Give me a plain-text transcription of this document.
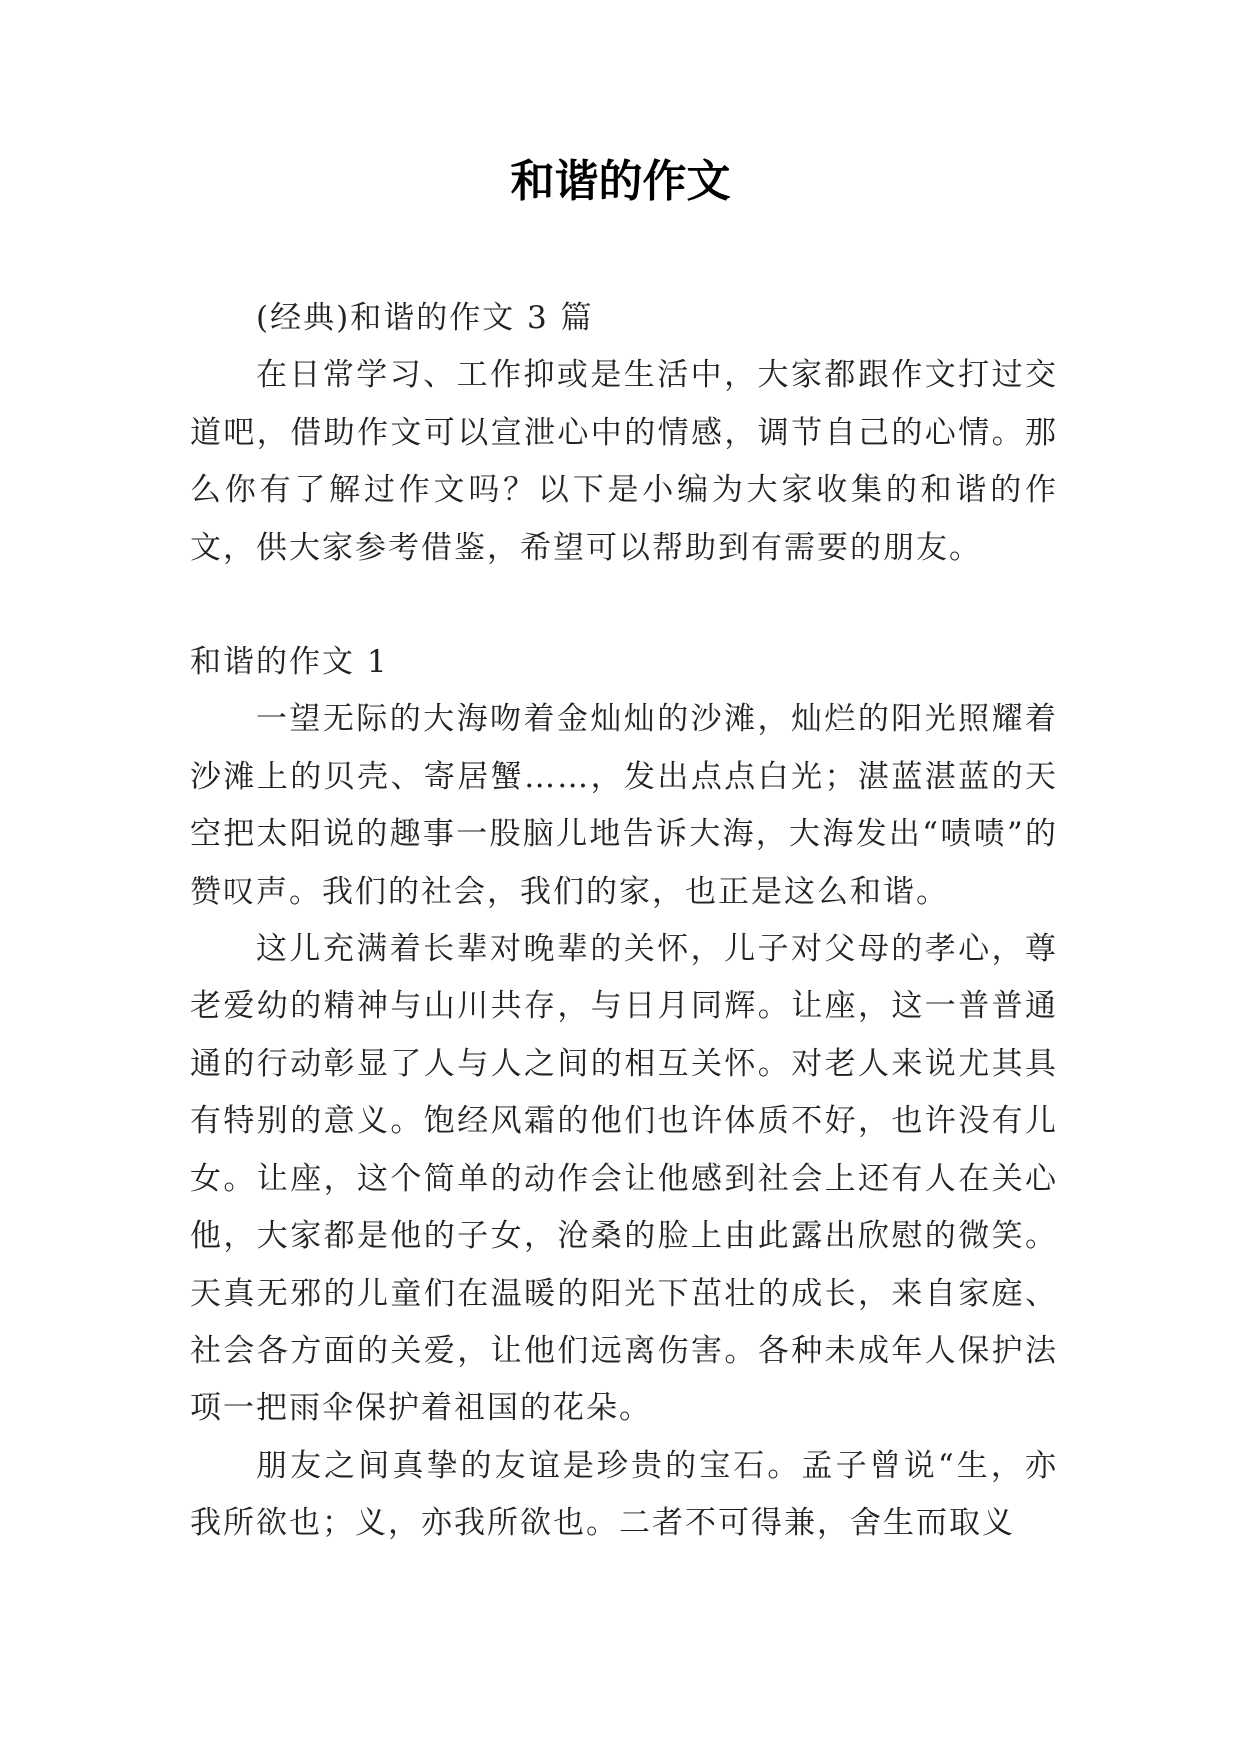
和谐的作文

(经典)和谐的作文 3 篇

在日常学习、工作抑或是生活中，大家都跟作文打过交道吧，借助作文可以宣泄心中的情感，调节自己的心情。那么你有了解过作文吗？以下是小编为大家收集的和谐的作文，供大家参考借鉴，希望可以帮助到有需要的朋友。

和谐的作文 1

一望无际的大海吻着金灿灿的沙滩，灿烂的阳光照耀着沙滩上的贝壳、寄居蟹……，发出点点白光；湛蓝湛蓝的天空把太阳说的趣事一股脑儿地告诉大海，大海发出“啧啧”的赞叹声。我们的社会，我们的家，也正是这么和谐。

这儿充满着长辈对晚辈的关怀，儿子对父母的孝心，尊老爱幼的精神与山川共存，与日月同辉。让座，这一普普通通的行动彰显了人与人之间的相互关怀。对老人来说尤其具有特别的意义。饱经风霜的他们也许体质不好，也许没有儿女。让座，这个简单的动作会让他感到社会上还有人在关心他，大家都是他的子女，沧桑的脸上由此露出欣慰的微笑。天真无邪的儿童们在温暖的阳光下茁壮的成长，来自家庭、社会各方面的关爱，让他们远离伤害。各种未成年人保护法项一把雨伞保护着祖国的花朵。

朋友之间真挚的友谊是珍贵的宝石。孟子曾说“生，亦我所欲也；义，亦我所欲也。二者不可得兼，舍生而取义
